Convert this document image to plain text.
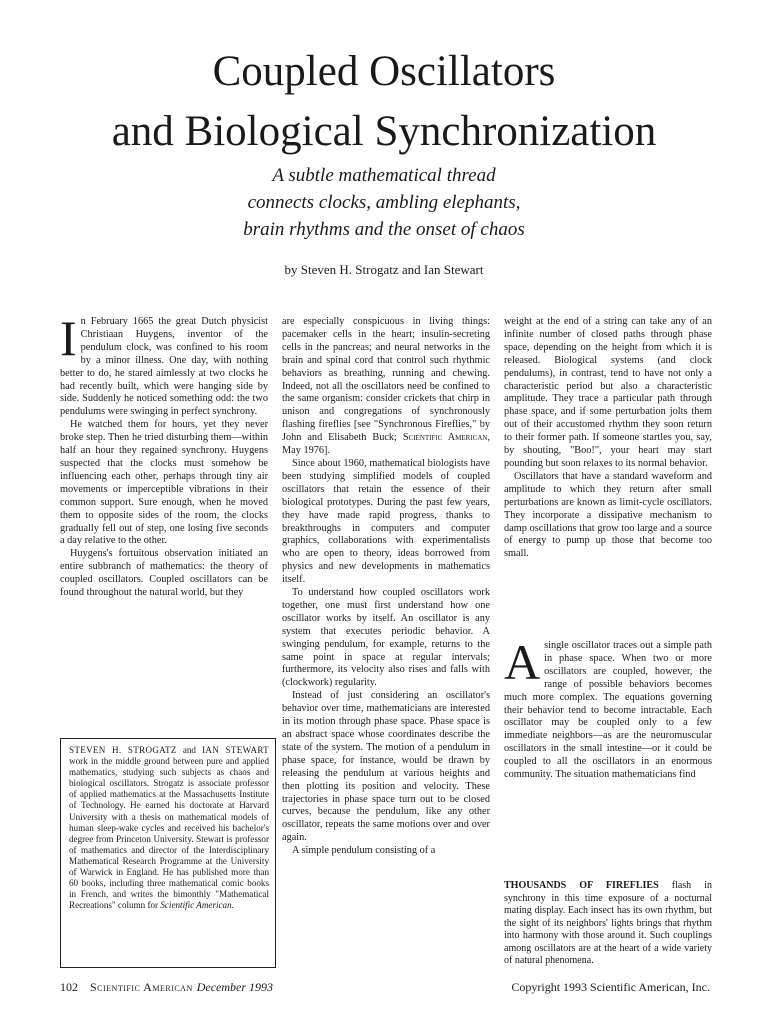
Coupled Oscillators
and Biological Synchronization
A subtle mathematical thread
connects clocks, ambling elephants,
brain rhythms and the onset of chaos
by Steven H. Strogatz and Ian Stewart

In February 1665 the great Dutch physicist Christiaan Huygens, inventor of the pendulum clock, was confined to his room by a minor illness. One day, with nothing better to do, he stared aimlessly at two clocks he had recently built, which were hanging side by side. Suddenly he noticed something odd: the two pendulums were swinging in perfect synchrony.

He watched them for hours, yet they never broke step. Then he tried disturbing them—within half an hour they regained synchrony. Huygens suspected that the clocks must somehow be influencing each other, perhaps through tiny air movements or imperceptible vibrations in their common support. Sure enough, when he moved them to opposite sides of the room, the clocks gradually fell out of step, one losing five seconds a day relative to the other.

Huygens's fortuitous observation initiated an entire subbranch of mathematics: the theory of coupled oscillators. Coupled oscillators can be found throughout the natural world, but they

STEVEN H. STROGATZ and IAN STEWART work in the middle ground between pure and applied mathematics, studying such subjects as chaos and biological oscillators. Strogatz is associate professor of applied mathematics at the Massachusetts Institute of Technology. He earned his doctorate at Harvard University with a thesis on mathematical models of human sleep-wake cycles and received his bachelor's degree from Princeton University. Stewart is professor of mathematics and director of the Interdisciplinary Mathematical Research Programme at the University of Warwick in England. He has published more than 60 books, including three mathematical comic books in French, and writes the bimonthly "Mathematical Recreations" column for Scientific American.

are especially conspicuous in living things: pacemaker cells in the heart; insulin-secreting cells in the pancreas; and neural networks in the brain and spinal cord that control such rhythmic behaviors as breathing, running and chewing. Indeed, not all the oscillators need be confined to the same organism: consider crickets that chirp in unison and congregations of synchronously flashing fireflies [see "Synchronous Fireflies," by John and Elisabeth Buck; Scientific American, May 1976].

Since about 1960, mathematical biologists have been studying simplified models of coupled oscillators that retain the essence of their biological prototypes. During the past few years, they have made rapid progress, thanks to breakthroughs in computers and computer graphics, collaborations with experimentalists who are open to theory, ideas borrowed from physics and new developments in mathematics itself.

To understand how coupled oscillators work together, one must first understand how one oscillator works by itself. An oscillator is any system that executes periodic behavior. A swinging pendulum, for example, returns to the same point in space at regular intervals; furthermore, its velocity also rises and falls with (clockwork) regularity.

Instead of just considering an oscillator's behavior over time, mathematicians are interested in its motion through phase space. Phase space is an abstract space whose coordinates describe the state of the system. The motion of a pendulum in phase space, for instance, would be drawn by releasing the pendulum at various heights and then plotting its position and velocity. These trajectories in phase space turn out to be closed curves, because the pendulum, like any other oscillator, repeats the same motions over and over again.

A simple pendulum consisting of a

weight at the end of a string can take any of an infinite number of closed paths through phase space, depending on the height from which it is released. Biological systems (and clock pendulums), in contrast, tend to have not only a characteristic period but also a characteristic amplitude. They trace a particular path through phase space, and if some perturbation jolts them out of their accustomed rhythm they soon return to their former path. If someone startles you, say, by shouting, "Boo!", your heart may start pounding but soon relaxes to its normal behavior.

Oscillators that have a standard waveform and amplitude to which they return after small perturbations are known as limit-cycle oscillators. They incorporate a dissipative mechanism to damp oscillations that grow too large and a source of energy to pump up those that become too small.

A single oscillator traces out a simple path in phase space. When two or more oscillators are coupled, however, the range of possible behaviors becomes much more complex. The equations governing their behavior tend to become intractable. Each oscillator may be coupled only to a few immediate neighbors—as are the neuromuscular oscillators in the small intestine—or it could be coupled to all the oscillators in an enormous community. The situation mathematicians find

THOUSANDS OF FIREFLIES flash in synchrony in this time exposure of a nocturnal mating display. Each insect has its own rhythm, but the sight of its neighbors' lights brings that rhythm into harmony with those around it. Such couplings among oscillators are at the heart of a wide variety of natural phenomena.
102 Scientific American December 1993	Copyright 1993 Scientific American, Inc.
